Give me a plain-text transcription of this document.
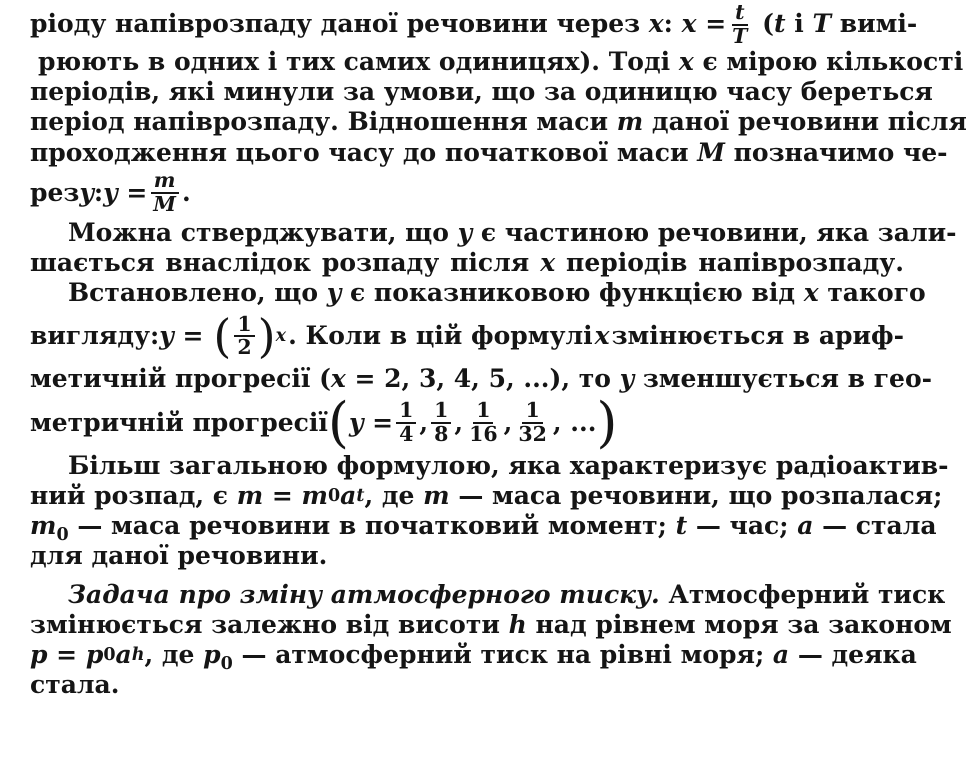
ріоду напіврозпаду даної речовини через x: $x = \frac{t}{T} (t$ і T вимі-
рюють в одних і тих самих одиницях). Тоді x є мірою кількості
періодів, які минули за умови, що за одиницю часу береться
період напіврозпаду. Відношення маси m даної речовини після
проходження цього часу до початкової маси M позначимо че-
рез y : $y = \frac{m}{M}$ .
Можна стверджувати, що y є частиною речовини, яка зали-
шається внаслідок розпаду після x періодів напіврозпаду.
Встановлено, що y є показниковою функцією від x такого
вигляду: y = ( $\frac{1}{2}$ ) x . Коли в цій формулі x змінюється в ариф-
метичній прогресії (x = 2, 3, 4, 5, ...), то y зменшується в гео-
метричній прогресії ( $y = \frac{1}{4}$ , $\frac{1}{8}$ , $\frac{1}{16}$ , $\frac{1}{32}$ , ... )
Більш загальною формулою, яка характеризує радіоактив-
ний розпад, є m =
m 0 a t , де m — маса речовини, що розпалася;
$m_0$ — маса речовини в початковий момент; t — час; a — стала
для даної речовини.
Задача про зміну атмосферного тиску. Атмосферний тиск
змінюється залежно від висоти h над рівнем моря за законом
p =
p 0 a h , де $p_0$ — атмосферний тиск на рівні моря; a — деяка
стала.
